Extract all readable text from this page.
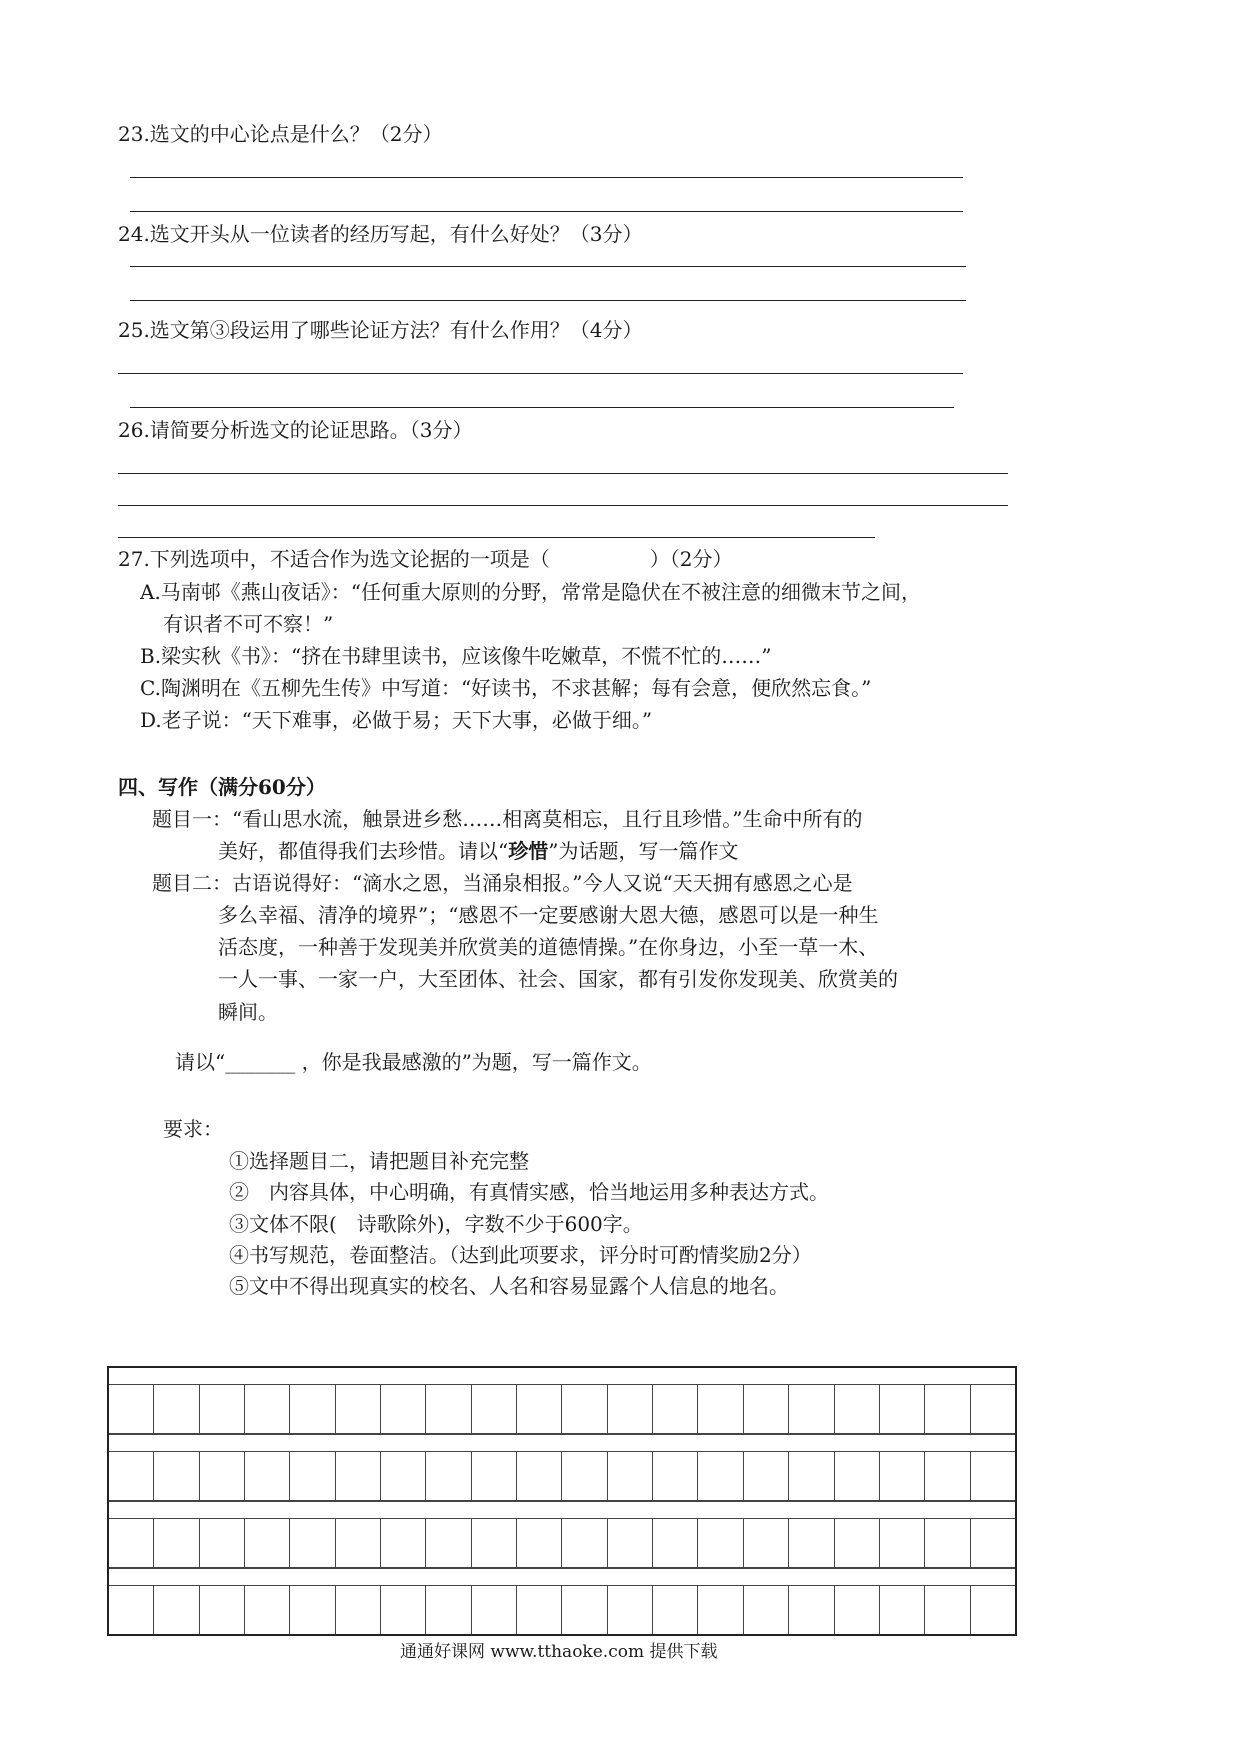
23.选文的中心论点是什么？（2分）
24.选文开头从一位读者的经历写起，有什么好处？（3分）
25.选文第③段运用了哪些论证方法？有什么作用？（4分）
26.请简要分析选文的论证思路。（3分）
27.下列选项中，不适合作为选文论据的一项是（　　　　　）（2分）
A.马南邨《燕山夜话》：“任何重大原则的分野，常常是隐伏在不被注意的细微末节之间，
有识者不可不察！”
B.梁实秋《书》：“挤在书肆里读书，应该像牛吃嫩草，不慌不忙的……”
C.陶渊明在《五柳先生传》中写道：“好读书，不求甚解；每有会意，便欣然忘食。”
D.老子说：“天下难事，必做于易；天下大事，必做于细。”
四、写作（满分60分）
题目一：“看山思水流，触景进乡愁……相离莫相忘，且行且珍惜。”生命中所有的
美好，都值得我们去珍惜。请以“珍惜”为话题，写一篇作文
题目二：古语说得好：“滴水之恩，当涌泉相报。”今人又说“天天拥有感恩之心是
多么幸福、清净的境界”；“感恩不一定要感谢大恩大德，感恩可以是一种生
活态度，一种善于发现美并欣赏美的道德情操。”在你身边，小至一草一木、
一人一事、一家一户，大至团体、社会、国家，都有引发你发现美、欣赏美的
瞬间。
请以“_______ ，你是我最感激的”为题，写一篇作文。
要求：
①选择题目二，请把题目补充完整
②　内容具体，中心明确，有真情实感，恰当地运用多种表达方式。
③文体不限(　诗歌除外)，字数不少于600字。
④书写规范，卷面整洁。（达到此项要求，评分时可酌情奖励2分）
⑤文中不得出现真实的校名、人名和容易显露个人信息的地名。
通通好课网 www.tthaoke.com 提供下载
